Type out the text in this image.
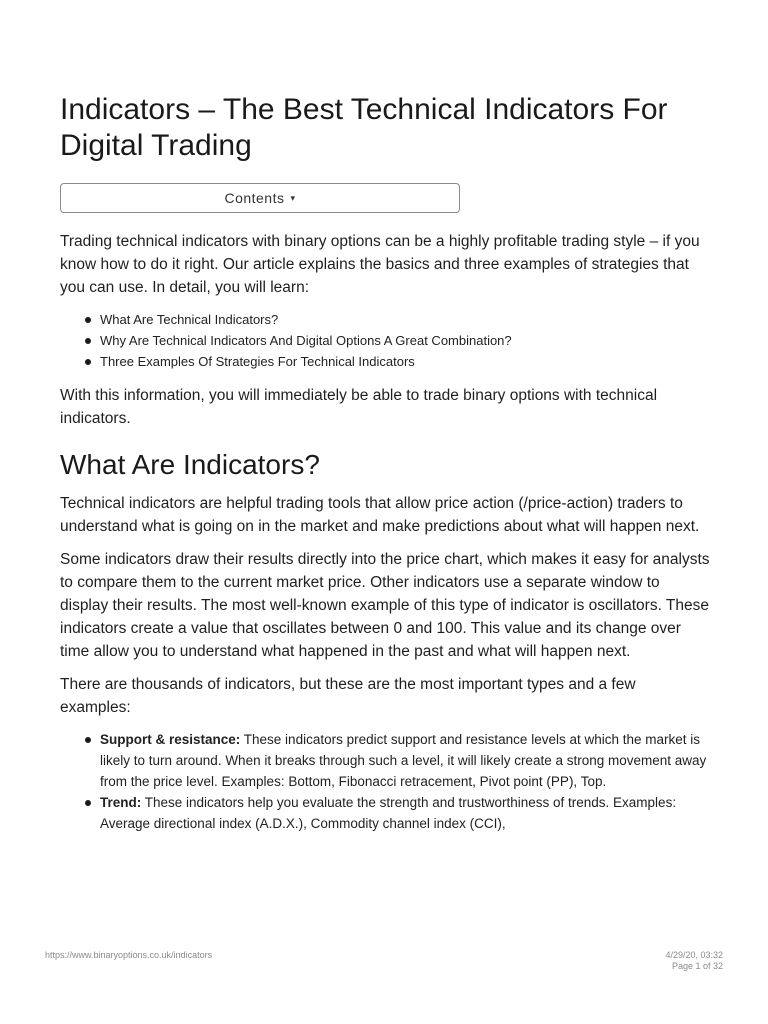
Indicators – The Best Technical Indicators For Digital Trading
Contents ▾

Trading technical indicators with binary options can be a highly profitable trading style – if you know how to do it right. Our article explains the basics and three examples of strategies that you can use. In detail, you will learn:

What Are Technical Indicators?
Why Are Technical Indicators And Digital Options A Great Combination?
Three Examples Of Strategies For Technical Indicators

With this information, you will immediately be able to trade binary options with technical indicators.

What Are Indicators?

Technical indicators are helpful trading tools that allow price action (/price-action) traders to understand what is going on in the market and make predictions about what will happen next.

Some indicators draw their results directly into the price chart, which makes it easy for analysts to compare them to the current market price. Other indicators use a separate window to display their results. The most well-known example of this type of indicator is oscillators. These indicators create a value that oscillates between 0 and 100. This value and its change over time allow you to understand what happened in the past and what will happen next.

There are thousands of indicators, but these are the most important types and a few examples:

Support & resistance: These indicators predict support and resistance levels at which the market is likely to turn around. When it breaks through such a level, it will likely create a strong movement away from the price level. Examples: Bottom, Fibonacci retracement, Pivot point (PP), Top.
Trend: These indicators help you evaluate the strength and trustworthiness of trends. Examples: Average directional index (A.D.X.), Commodity channel index (CCI),
https://www.binaryoptions.co.uk/indicators	4/29/20, 03:32
Page 1 of 32
